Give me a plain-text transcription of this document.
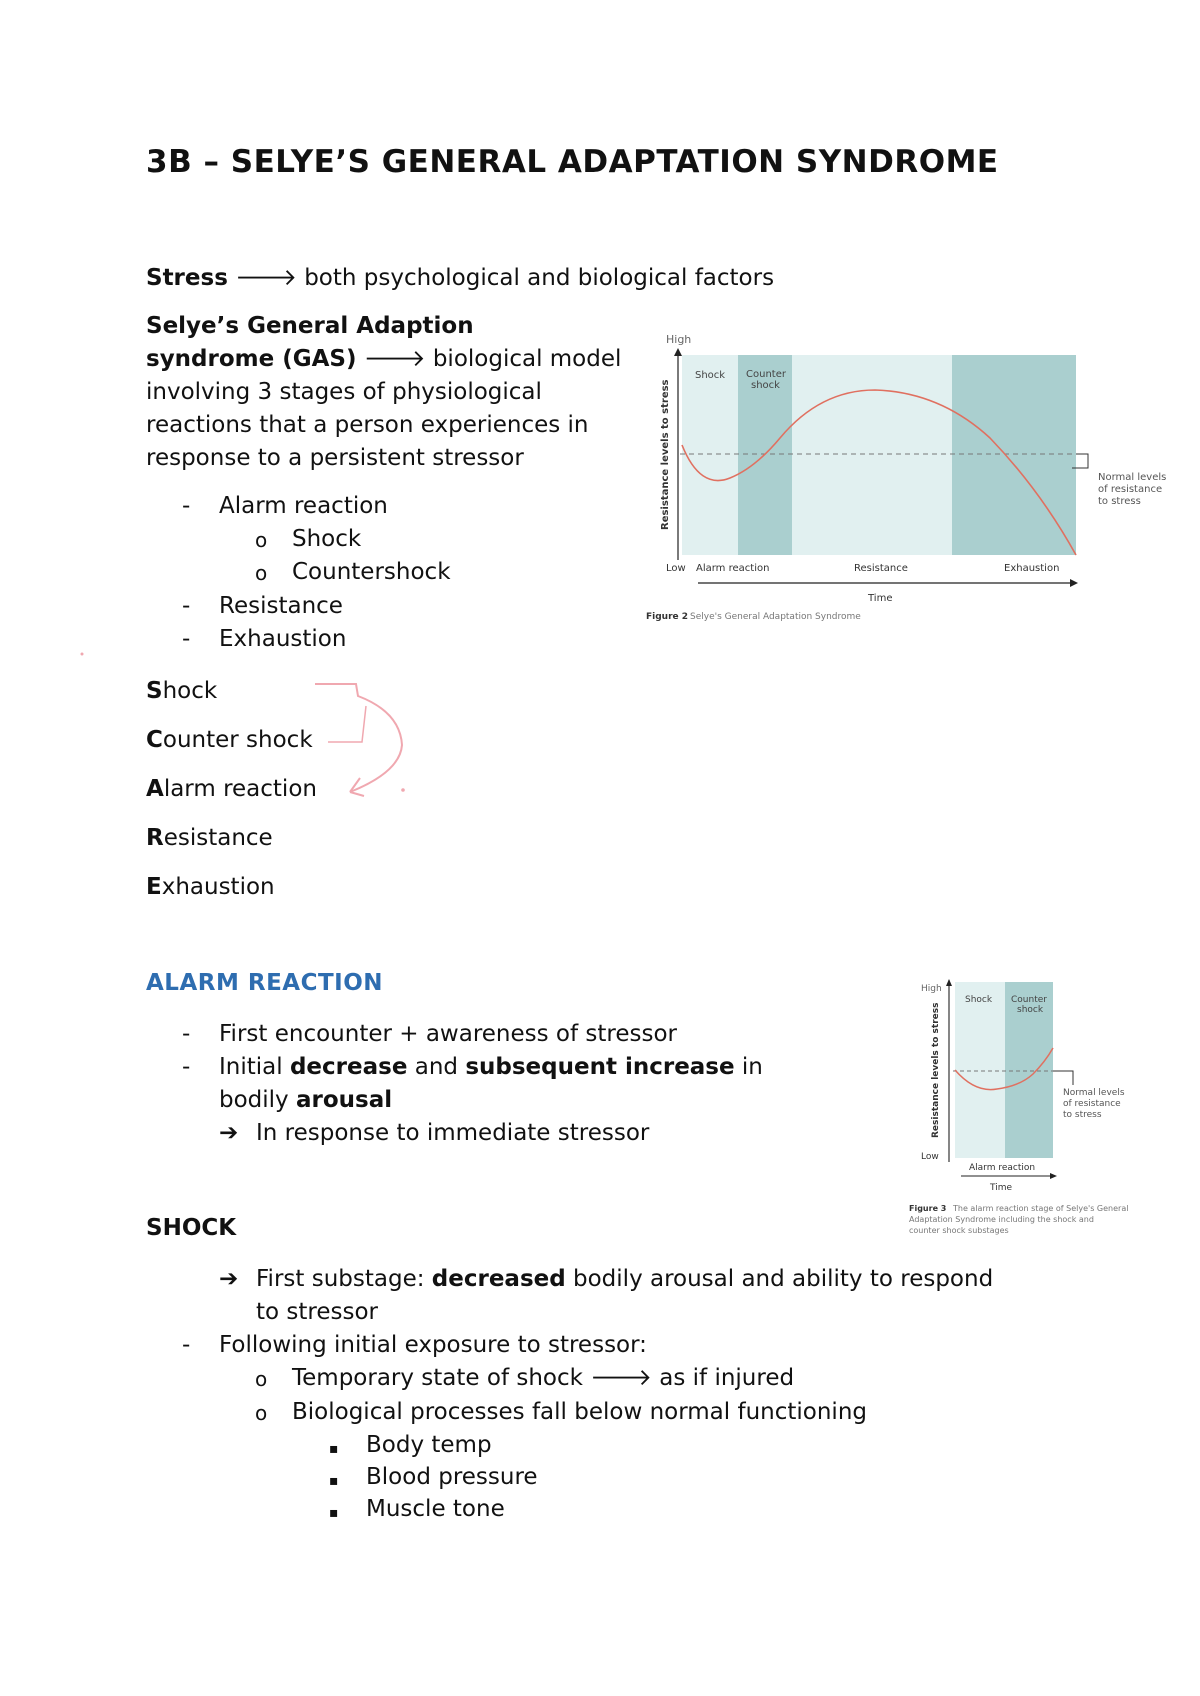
3B – SELYE’S GENERAL ADAPTATION SYNDROME
Stress 🡒 both psychological and biological factors
Selye’s General Adaption
syndrome (GAS) 🡒 biological model
involving 3 stages of physiological
reactions that a person experiences in
response to a persistent stressor
- Alarm reaction
o Shock
o Countershock
- Resistance
- Exhaustion
Shock
Counter shock
Alarm reaction
Resistance
Exhaustion
High
Shock Counter
shock
Normal levels
of resistance
to stress
Resistance levels to stress
Low Alarm reaction	Resistance	Exhaustion
Time
Figure 2 Selye's General Adaptation Syndrome
ALARM REACTION
- First encounter + awareness of stressor
- Initial decrease and subsequent increase in
bodily arousal
➔ In response to immediate stressor
High
Shock Counter
shock
Normal levels
of resistance
to stress
Resistance levels to stress
Low
Alarm reaction
Time
Figure 3 The alarm reaction stage of Selye's General
Adaptation Syndrome including the shock and
counter shock substages
SHOCK
➔ First substage: decreased bodily arousal and ability to respond
to stressor
- Following initial exposure to stressor:
o Temporary state of shock 🡒 as if injured
o Biological processes fall below normal functioning
▪ Body temp
▪ Blood pressure
▪ Muscle tone
